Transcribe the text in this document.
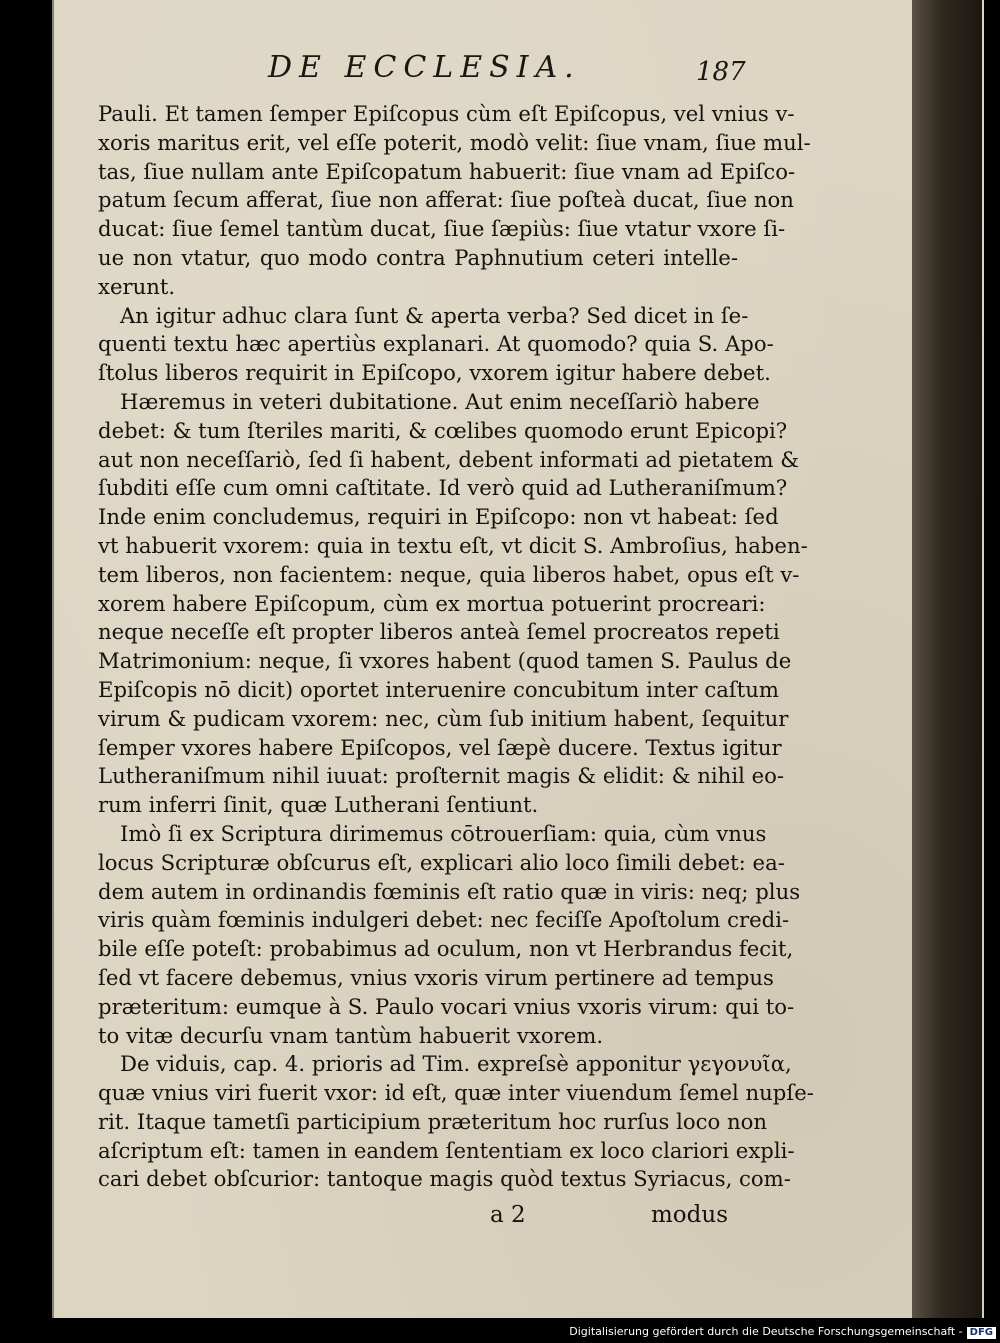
DE ECCLESIA.	187
Pauli. Et tamen ſemper Epiſcopus cùm eſt Epiſcopus, vel vnius v-
xoris maritus erit, vel eſſe poterit, modò velit: ſiue vnam, ſiue mul-
tas, ſiue nullam ante Epiſcopatum habuerit: ſiue vnam ad Epiſco-
patum ſecum afferat, ſiue non afferat: ſiue poſteà ducat, ſiue non
ducat: ſiue ſemel tantùm ducat, ſiue ſæpiùs: ſiue vtatur vxore ſi-
ue non vtatur, quo modo contra Paphnutium ceteri intelle-
xerunt.
An igitur adhuc clara ſunt & aperta verba? Sed dicet in ſe-
quenti textu hæc apertiùs explanari. At quomodo? quia S. Apo-
ſtolus liberos requirit in Epiſcopo, vxorem igitur habere debet.
Hæremus in veteri dubitatione. Aut enim neceſſariò habere
debet: & tum ſteriles mariti, & cœlibes quomodo erunt Epicopi?
aut non neceſſariò, ſed ſi habent, debent informati ad pietatem &
ſubditi eſſe cum omni caſtitate. Id verò quid ad Lutheraniſmum?
Inde enim concludemus, requiri in Epiſcopo: non vt habeat: ſed
vt habuerit vxorem: quia in textu eſt, vt dicit S. Ambroſius, haben-
tem liberos, non facientem: neque, quia liberos habet, opus eſt v-
xorem habere Epiſcopum, cùm ex mortua potuerint procreari:
neque neceſſe eſt propter liberos anteà ſemel procreatos repeti
Matrimonium: neque, ſi vxores habent (quod tamen S. Paulus de
Epiſcopis nō dicit) oportet interuenire concubitum inter caſtum
virum & pudicam vxorem: nec, cùm ſub initium habent, ſequitur
ſemper vxores habere Epiſcopos, vel ſæpè ducere. Textus igitur
Lutheraniſmum nihil iuuat: proſternit magis & elidit: & nihil eo-
rum inferri ſinit, quæ Lutherani ſentiunt.
Imò ſi ex Scriptura dirimemus cōtrouerſiam: quia, cùm vnus
locus Scripturæ obſcurus eſt, explicari alio loco ſimili debet: ea-
dem autem in ordinandis fœminis eſt ratio quæ in viris: neq; plus
viris quàm fœminis indulgeri debet: nec feciſſe Apoſtolum credi-
bile eſſe poteſt: probabimus ad oculum, non vt Herbrandus fecit,
ſed vt facere debemus, vnius vxoris virum pertinere ad tempus
præteritum: eumque à S. Paulo vocari vnius vxoris virum: qui to-
to vitæ decurſu vnam tantùm habuerit vxorem.
De viduis, cap. 4. prioris ad Tim. expreſsè apponitur γεγονυῖα,
quæ vnius viri fuerit vxor: id eſt, quæ inter viuendum ſemel nupſe-
rit. Itaque tametſi participium præteritum hoc rurſus loco non
aſcriptum eſt: tamen in eandem ſententiam ex loco clariori expli-
cari debet obſcurior: tantoque magis quòd textus Syriacus, com-
a 2	modus
Digitalisierung gefördert durch die Deutsche Forschungsgemeinschaft - DFG
